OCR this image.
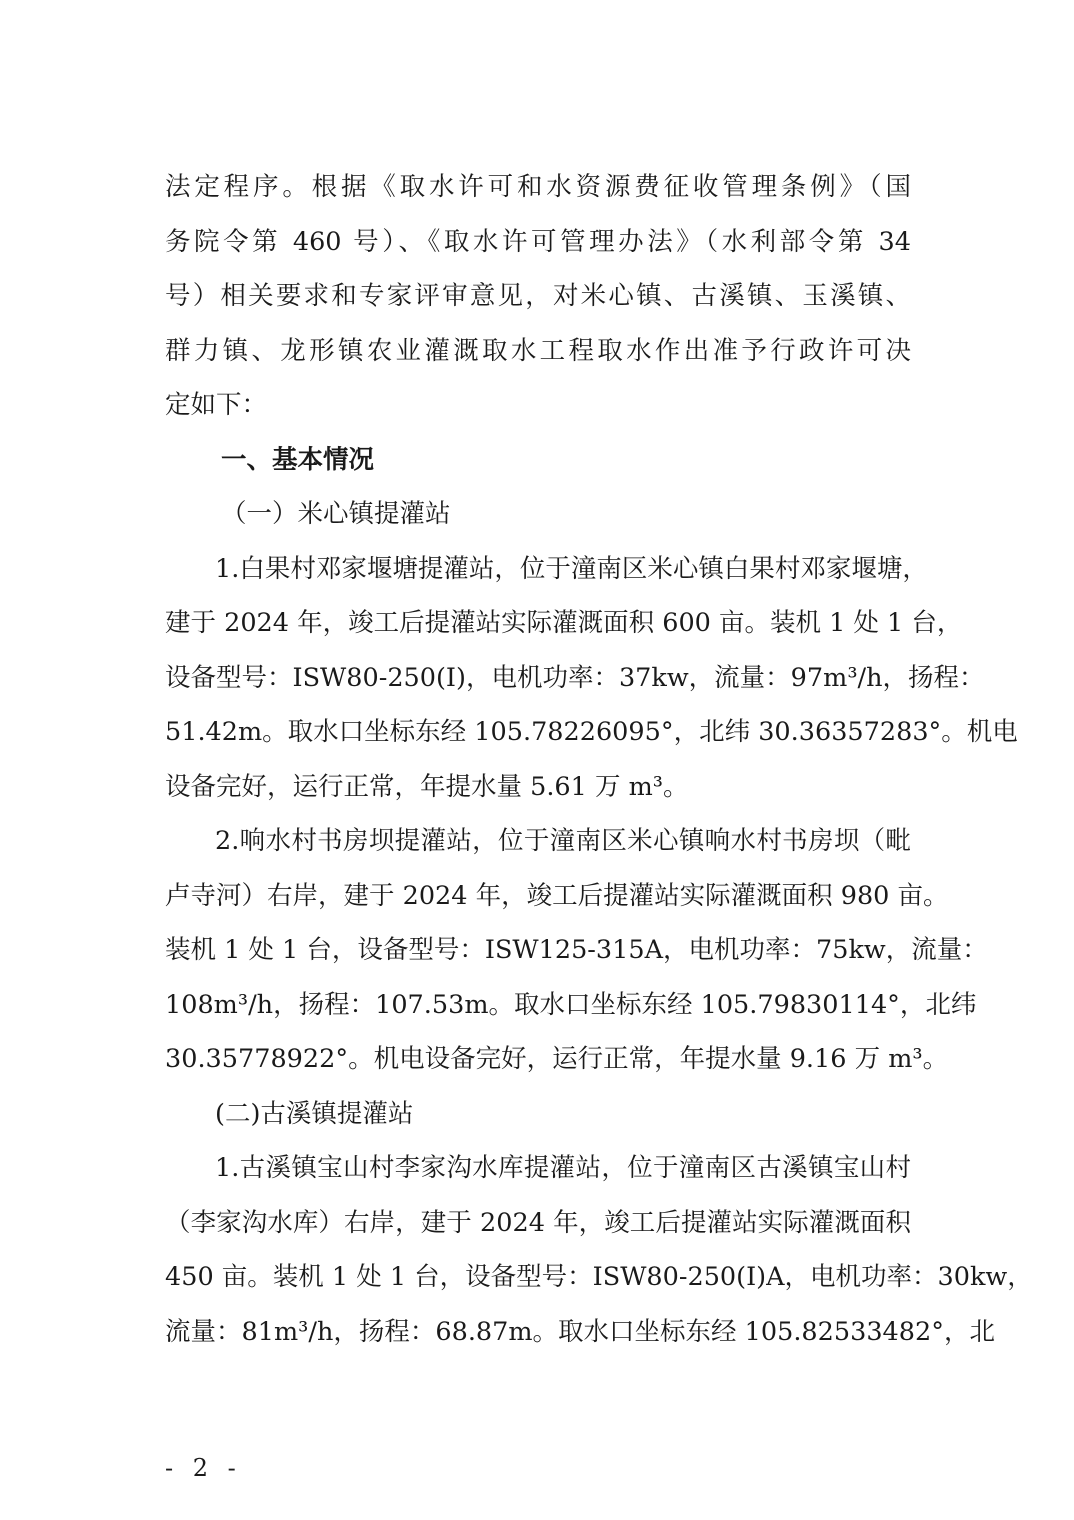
法定程序。根据《取水许可和水资源费征收管理条例》（国
务院令第 460 号）、《取水许可管理办法》（水利部令第 34
号）相关要求和专家评审意见，对米心镇、古溪镇、玉溪镇、
群力镇、龙形镇农业灌溉取水工程取水作出准予行政许可决
定如下：
一、基本情况
（一）米心镇提灌站
1.白果村邓家堰塘提灌站，位于潼南区米心镇白果村邓家堰塘，
建于 2024 年，竣工后提灌站实际灌溉面积 600 亩。装机 1 处 1 台，
设备型号：ISW80-250(I)，电机功率：37kw，流量：97m³/h，扬程：
51.42m。取水口坐标东经 105.78226095°，北纬 30.36357283°。机电
设备完好，运行正常，年提水量 5.61 万 m³。
2.响水村书房坝提灌站，位于潼南区米心镇响水村书房坝（毗
卢寺河）右岸，建于 2024 年，竣工后提灌站实际灌溉面积 980 亩。
装机 1 处 1 台，设备型号：ISW125-315A，电机功率：75kw，流量：
108m³/h，扬程：107.53m。取水口坐标东经 105.79830114°，北纬
30.35778922°。机电设备完好，运行正常，年提水量 9.16 万 m³。
(二)古溪镇提灌站
1.古溪镇宝山村李家沟水库提灌站，位于潼南区古溪镇宝山村
（李家沟水库）右岸，建于 2024 年，竣工后提灌站实际灌溉面积
450 亩。装机 1 处 1 台，设备型号：ISW80-250(I)A，电机功率：30kw，
流量：81m³/h，扬程：68.87m。取水口坐标东经 105.82533482°，北
- 2 -
